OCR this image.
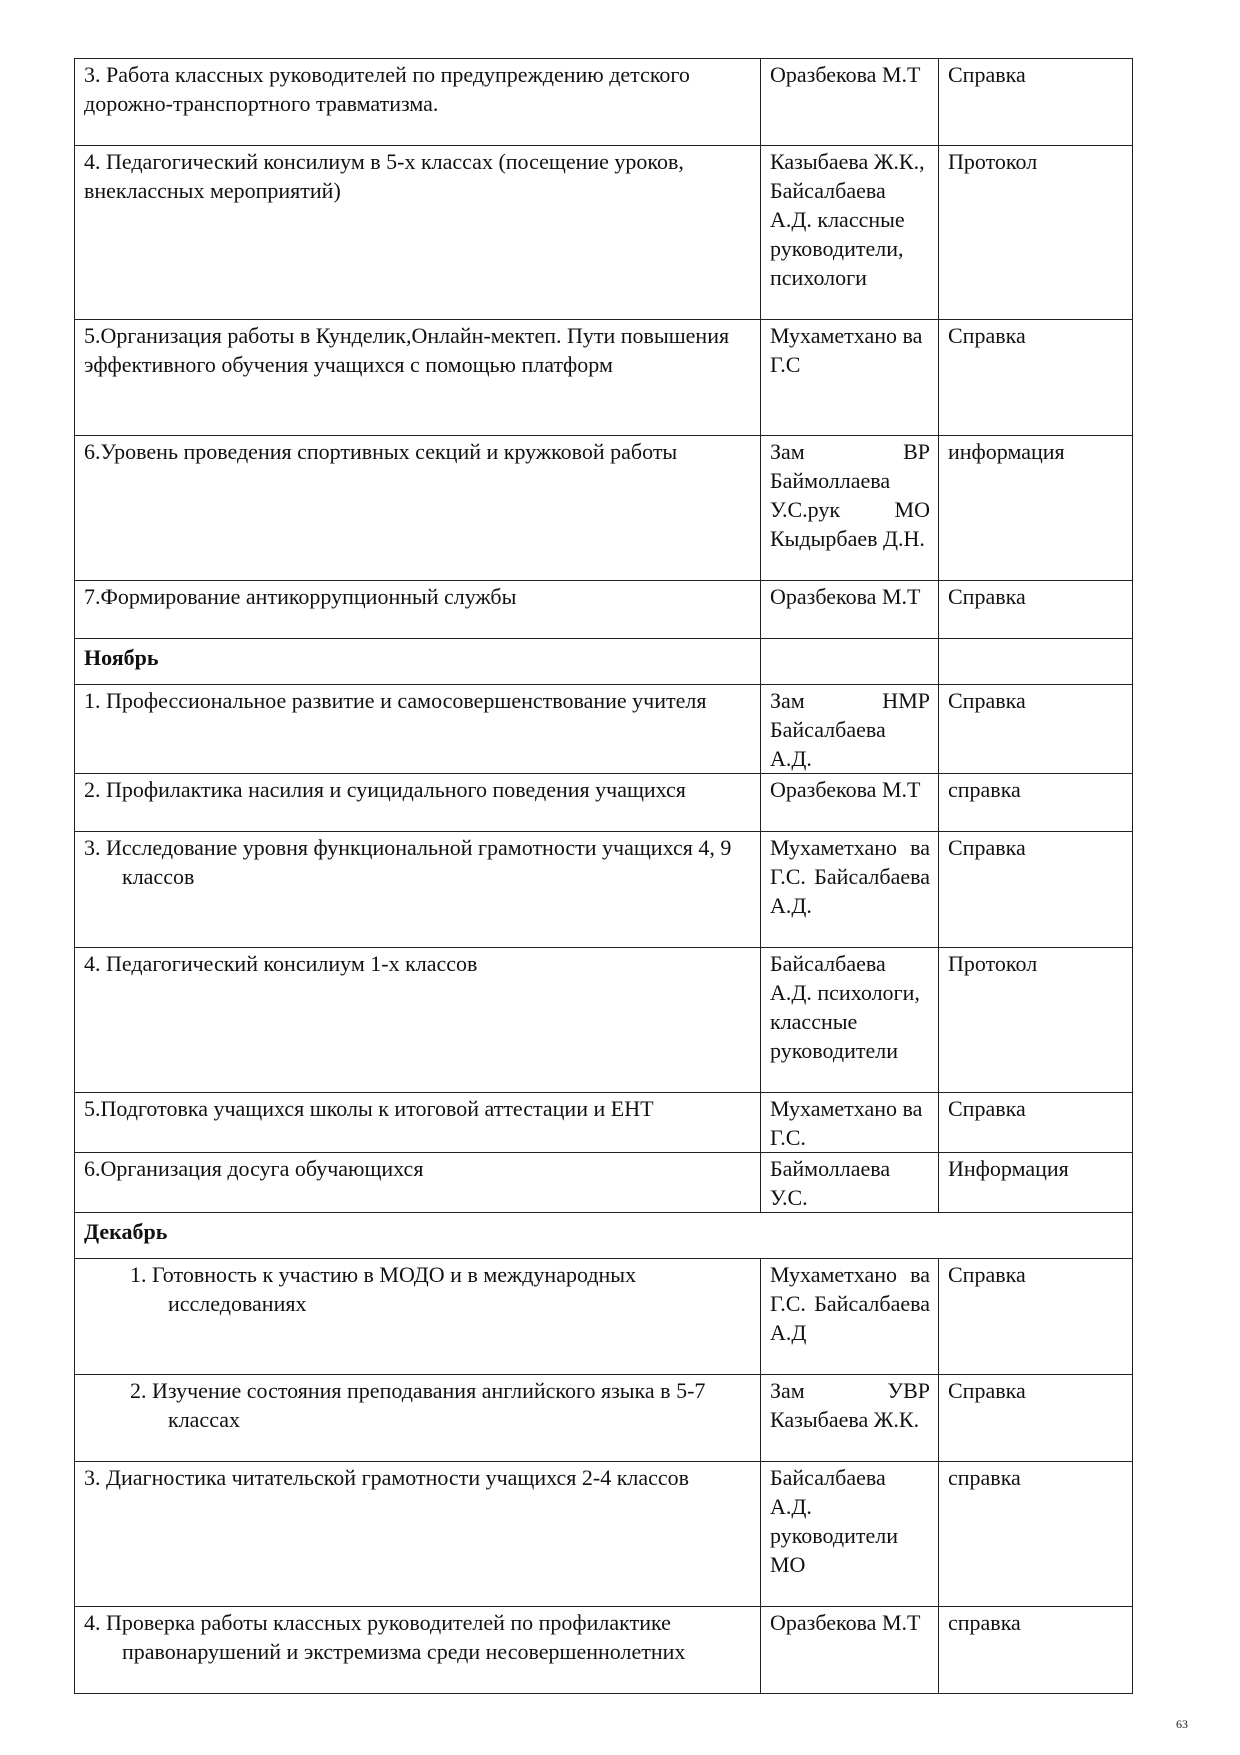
3. Работа классных руководителей по предупреждению детского дорожно-транспортного травматизма.	Оразбекова М.Т	Справка
4. Педагогический консилиум в 5-х классах (посещение уроков, внеклассных мероприятий)	Казыбаева Ж.К., Байсалбаева А.Д. классные руководители, психологи	Протокол
5.Организация работы в Кунделик,Онлайн-мектеп. Пути повышения эффективного обучения учащихся с помощью платформ	Мухаметхано ва Г.С	Справка
6.Уровень проведения спортивных секций и кружковой работы	Зам ВР Баймоллаева У.С.рук МО Кыдырбаев Д.Н.	информация
7.Формирование антикоррупционный службы	Оразбекова М.Т	Справка
Ноябрь		
1. Профессиональное развитие и самосовершенствование учителя	Зам НМР Байсалбаева А.Д.	Справка
2. Профилактика насилия и суицидального поведения учащихся	Оразбекова М.Т	справка

3. Исследование уровня функциональной грамотности учащихся 4, 9 классов	Мухаметхано ва Г.С. Байсалбаева А.Д.	Справка
4. Педагогический консилиум 1-х классов	Байсалбаева А.Д. психологи, классные руководители	Протокол
5.Подготовка учащихся школы к итоговой аттестации и ЕНТ	Мухаметхано ва Г.С.	Справка
6.Организация досуга обучающихся	Баймоллаева У.С.	Информация
Декабрь		

1. Готовность к участию в МОДО и в международных исследованиях	Мухаметхано ва Г.С. Байсалбаева А.Д	Справка

2. Изучение состояния преподавания английского языка в 5-7 классах	Зам УВР Казыбаева Ж.К.	Справка

3. Диагностика читательской грамотности учащихся 2-4 классов	Байсалбаева А.Д. руководители МО	справка

4. Проверка работы классных руководителей по профилактике правонарушений и экстремизма среди несовершеннолетних	Оразбекова М.Т	справка
63
